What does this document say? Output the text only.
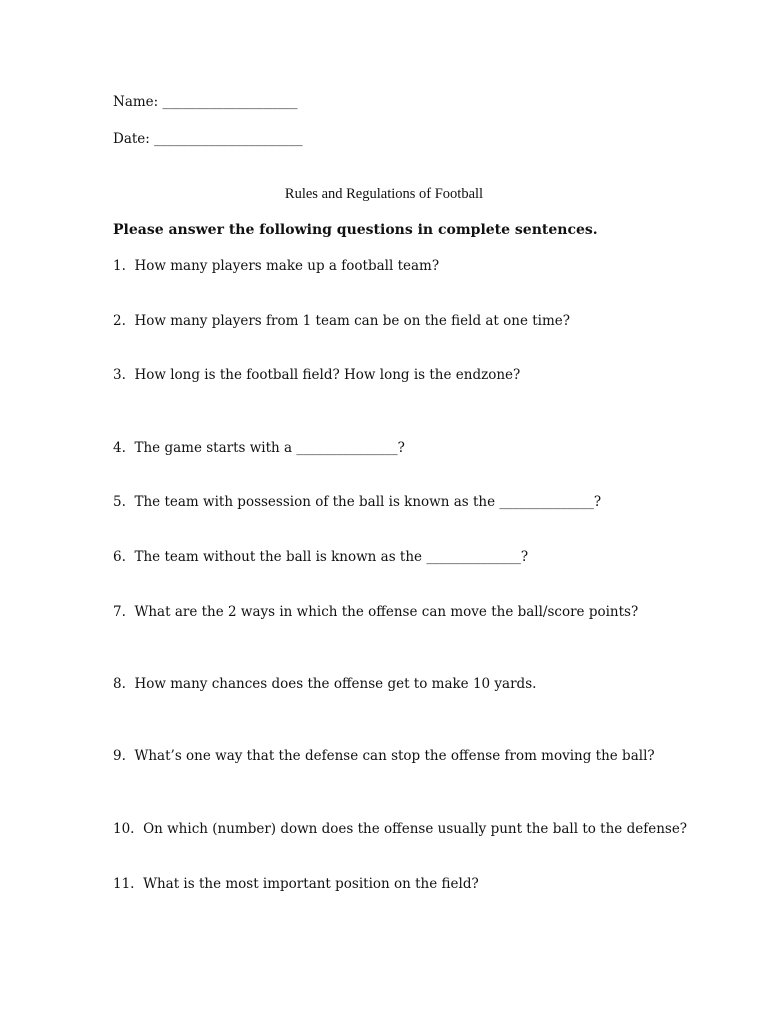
Name: ____________________
Date: ______________________
Rules and Regulations of Football
Please answer the following questions in complete sentences.
1. How many players make up a football team?
2. How many players from 1 team can be on the field at one time?
3. How long is the football field? How long is the endzone?
4. The game starts with a _______________?
5. The team with possession of the ball is known as the ______________?
6. The team without the ball is known as the ______________?
7. What are the 2 ways in which the offense can move the ball/score points?
8. How many chances does the offense get to make 10 yards.
9. What’s one way that the defense can stop the offense from moving the ball?
10. On which (number) down does the offense usually punt the ball to the defense?
11. What is the most important position on the field?
